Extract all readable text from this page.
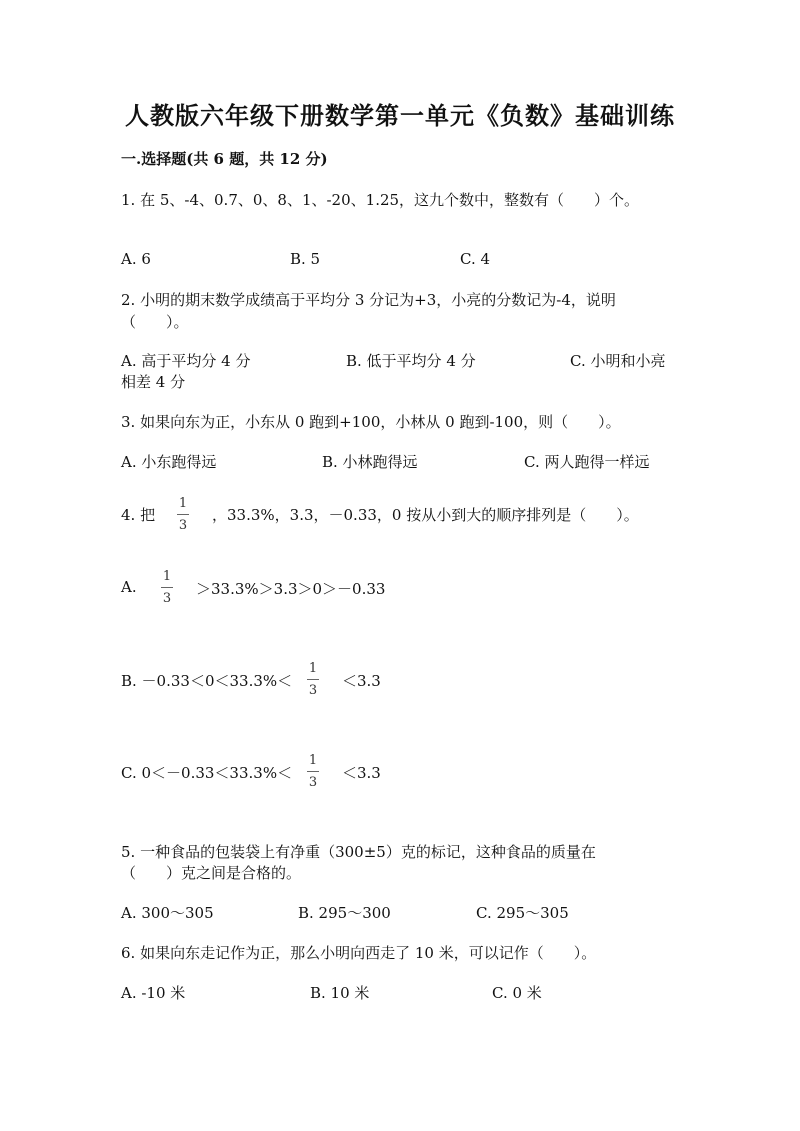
人教版六年级下册数学第一单元《负数》基础训练
一.选择题(共 6 题，共 12 分)
1. 在 5、-4、0.7、0、8、1、-20、1.25，这九个数中，整数有（　　）个。
A. 6	B. 5	C. 4
2. 小明的期末数学成绩高于平均分 3 分记为+3，小亮的分数记为-4，说明
（　　）。
A. 高于平均分 4 分	B. 低于平均分 4 分	C. 小明和小亮
相差 4 分
3. 如果向东为正，小东从 0 跑到+100，小林从 0 跑到-100，则（　　）。
A. 小东跑得远	B. 小林跑得远	C. 两人跑得一样远
4. 把
1
3
，33.3%，3.3，－0.33，0 按从小到大的顺序排列是（　　）。
A.
1
3
＞33.3%＞3.3＞0＞－0.33
B. －0.33＜0＜33.3%＜
1
3
＜3.3
C. 0＜－0.33＜33.3%＜
1
3
＜3.3
5. 一种食品的包装袋上有净重（300±5）克的标记，这种食品的质量在
（　　）克之间是合格的。
A. 300～305	B. 295～300	C. 295～305
6. 如果向东走记作为正，那么小明向西走了 10 米，可以记作（　　）。
A. -10 米	B. 10 米	C. 0 米
